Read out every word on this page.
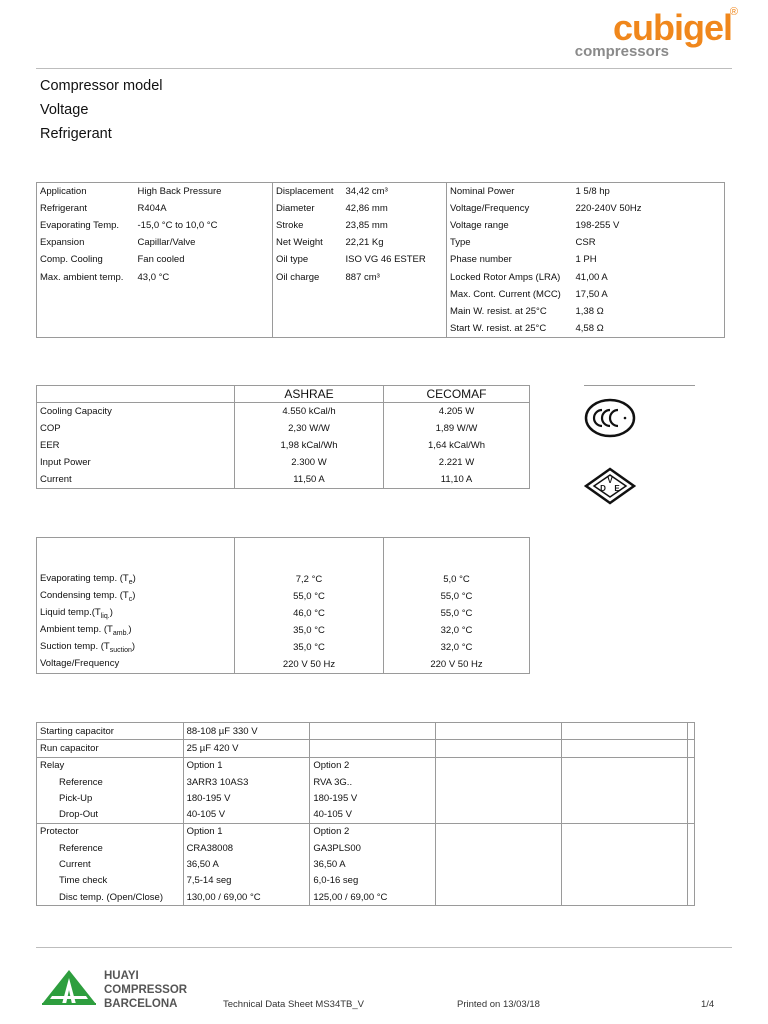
cubigel
®
compressors
Compressor model
Voltage
Refrigerant
Application	High Back Pressure	Displacement	34,42 cm³	Nominal Power	1 5/8 hp
Refrigerant	R404A	Diameter	42,86 mm	Voltage/Frequency	220-240V 50Hz
Evaporating Temp.	-15,0 °C to 10,0 °C	Stroke	23,85 mm	Voltage range	198-255 V
Expansion	Capillar/Valve	Net Weight	22,21 Kg	Type	CSR
Comp. Cooling	Fan cooled	Oil type	ISO VG 46 ESTER	Phase number	1 PH
Max. ambient temp.	43,0 °C	Oil charge	887 cm³	Locked Rotor Amps (LRA)	41,00 A
				Max. Cont. Current (MCC)	17,50 A
				Main W. resist. at 25°C	1,38 Ω
				Start W. resist. at 25°C	4,58 Ω
	ASHRAE	CECOMAF
Cooling Capacity	4.550 kCal/h	4.205 W
COP	2,30 W/W	1,89 W/W
EER	1,98 kCal/Wh	1,64 kCal/Wh
Input Power	2.300 W	2.221 W
Current	11,50 A	11,10 A	V
D E

Evaporating temp. $(T_e)$	7,2 °C	5,0 °C
Condensing temp. $(T_c)$	55,0 °C	55,0 °C
Liquid $temp.(T_{liq.})$	46,0 °C	55,0 °C
Ambient temp. $(T_{amb.})$	35,0 °C	32,0 °C
Suction temp. $(T_{suction})$	35,0 °C	32,0 °C
Voltage/Frequency	220 V 50 Hz	220 V 50 Hz
Starting capacitor	88-108 µF 330 V				
Run capacitor	25 µF 420 V				
Relay	Option 1	Option 2			
Reference	3ARR3 10AS3	RVA 3G..			
Pick-Up	180-195 V	180-195 V			
Drop-Out	40-105 V	40-105 V			
Protector	Option 1	Option 2			
Reference	CRA38008	GA3PLS00			
Current	36,50 A	36,50 A			
Time check	7,5-14 seg	6,0-16 seg			
Disc temp. (Open/Close)	130,00 / 69,00 °C	125,00 / 69,00 °C			
HUAYI
COMPRESSOR
BARCELONA	Technical Data Sheet MS34TB_V	Printed on 13/03/18	1/4
